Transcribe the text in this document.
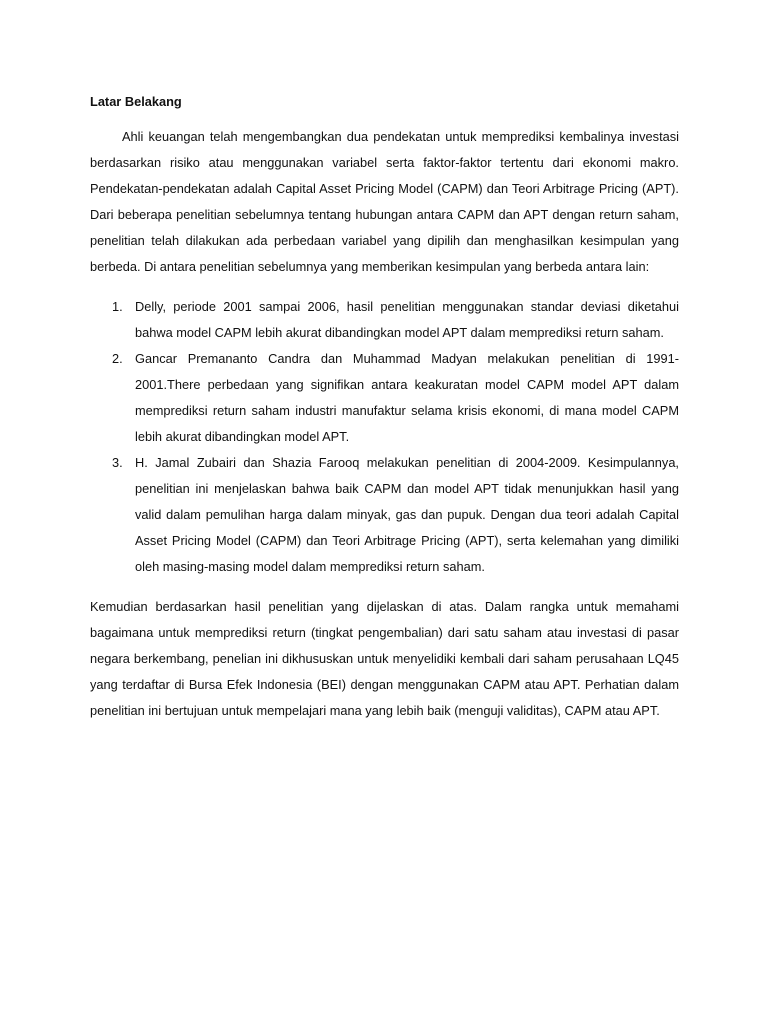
Latar Belakang

Ahli keuangan telah mengembangkan dua pendekatan untuk memprediksi kembalinya investasi berdasarkan risiko atau menggunakan variabel serta faktor-faktor tertentu dari ekonomi makro. Pendekatan-pendekatan adalah Capital Asset Pricing Model (CAPM) dan Teori Arbitrage Pricing (APT). Dari beberapa penelitian sebelumnya tentang hubungan antara CAPM dan APT dengan return saham, penelitian telah dilakukan ada perbedaan variabel yang dipilih dan menghasilkan kesimpulan yang berbeda. Di antara penelitian sebelumnya yang memberikan kesimpulan yang berbeda antara lain:

1. Delly, periode 2001 sampai 2006, hasil penelitian menggunakan standar deviasi diketahui bahwa model CAPM lebih akurat dibandingkan model APT dalam memprediksi return saham.
2. Gancar Premananto Candra dan Muhammad Madyan melakukan penelitian di 1991-2001.There perbedaan yang signifikan antara keakuratan model CAPM model APT dalam memprediksi return saham industri manufaktur selama krisis ekonomi, di mana model CAPM lebih akurat dibandingkan model APT.
3. H. Jamal Zubairi dan Shazia Farooq melakukan penelitian di 2004-2009. Kesimpulannya, penelitian ini menjelaskan bahwa baik CAPM dan model APT tidak menunjukkan hasil yang valid dalam pemulihan harga dalam minyak, gas dan pupuk. Dengan dua teori adalah Capital Asset Pricing Model (CAPM) dan Teori Arbitrage Pricing (APT), serta kelemahan yang dimiliki oleh masing-masing model dalam memprediksi return saham.

Kemudian berdasarkan hasil penelitian yang dijelaskan di atas. Dalam rangka untuk memahami bagaimana untuk memprediksi return (tingkat pengembalian) dari satu saham atau investasi di pasar negara berkembang, penelian ini dikhususkan untuk menyelidiki kembali dari saham perusahaan LQ45 yang terdaftar di Bursa Efek Indonesia (BEI) dengan menggunakan CAPM atau APT. Perhatian dalam penelitian ini bertujuan untuk mempelajari mana yang lebih baik (menguji validitas), CAPM atau APT.
